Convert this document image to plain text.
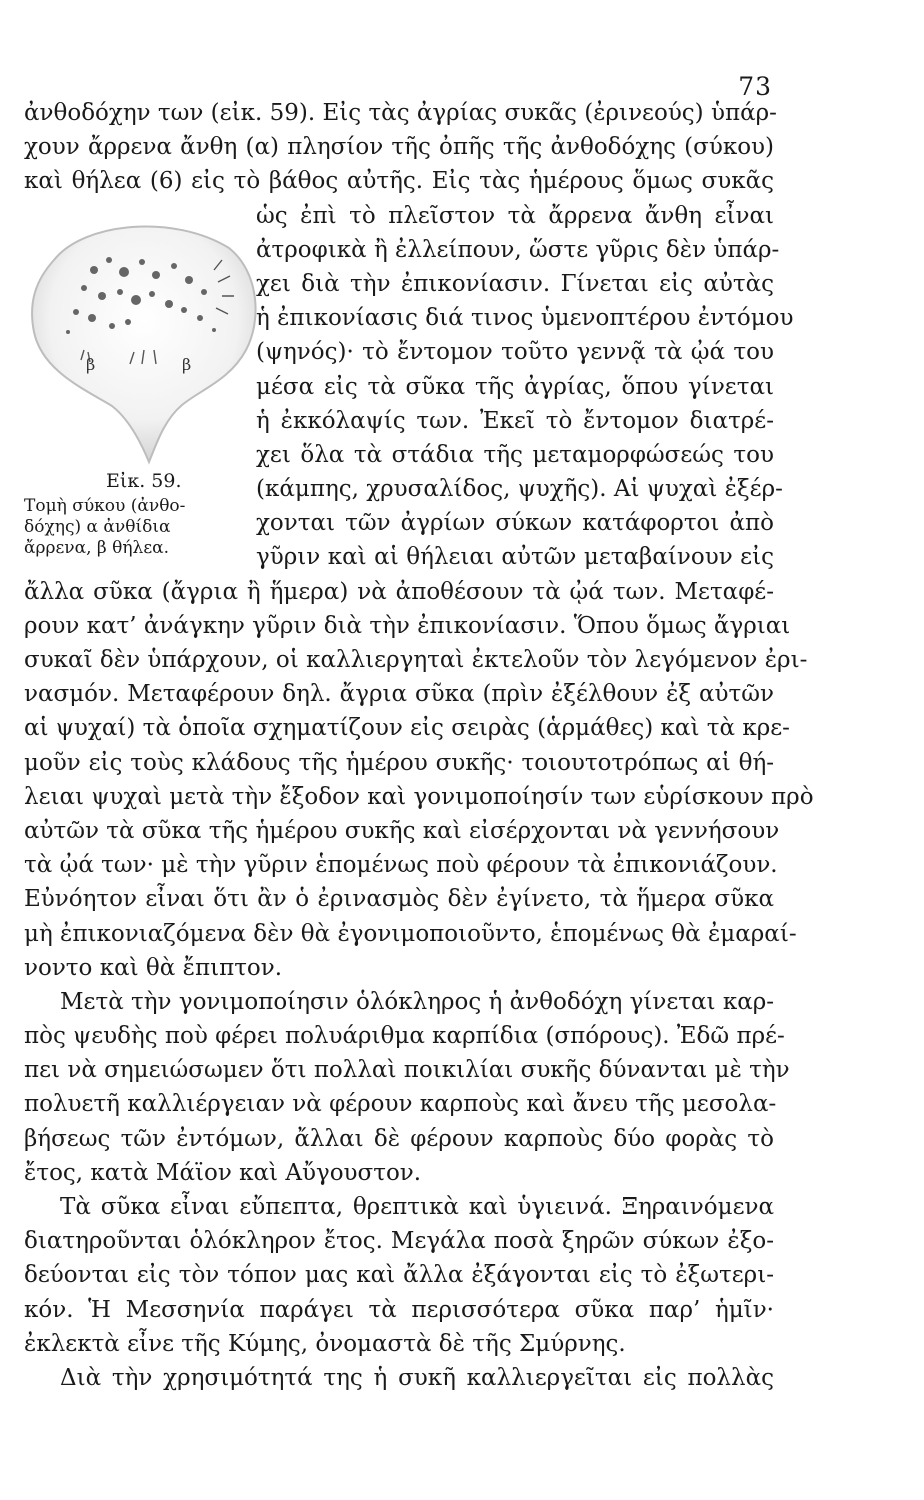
73
β	β
Εἰκ. 59.
Τομὴ σύκου (ἀνθο-
δόχης) α ἀνθίδια
ἄρρενα, β θήλεα.
ἀνθοδόχην των (εἰκ. 59). Εἰς τὰς ἀγρίας συκᾶς (ἐρινεούς) ὑπάρ-
χουν ἄρρενα ἄνθη (α) πλησίον τῆς ὀπῆς τῆς ἀνθοδόχης (σύκου)
καὶ θήλεα (6) εἰς τὸ βάθος αὐτῆς. Εἰς τὰς ἡμέρους ὅμως συκᾶς
ὡς ἐπὶ τὸ πλεῖστον τὰ ἄρρενα ἄνθη εἶναι
ἀτροφικὰ ἢ ἐλλείπουν, ὥστε γῦρις δὲν ὑπάρ-
χει διὰ τὴν ἐπικονίασιν. Γίνεται εἰς αὐτὰς
ἡ ἐπικονίασις διά τινος ὑμενοπτέρου ἐντόμου
(ψηνός)· τὸ ἔντομον τοῦτο γεννᾷ τὰ ᾠά του
μέσα εἰς τὰ σῦκα τῆς ἀγρίας, ὅπου γίνεται
ἡ ἐκκόλαψίς των. Ἐκεῖ τὸ ἔντομον διατρέ-
χει ὅλα τὰ στάδια τῆς μεταμορφώσεώς του
(κάμπης, χρυσαλίδος, ψυχῆς). Αἱ ψυχαὶ ἐξέρ-
χονται τῶν ἀγρίων σύκων κατάφορτοι ἀπὸ
γῦριν καὶ αἱ θήλειαι αὐτῶν μεταβαίνουν εἰς
ἄλλα σῦκα (ἄγρια ἢ ἥμερα) νὰ ἀποθέσουν τὰ ᾠά των. Μεταφέ-
ρουν κατ’ ἀνάγκην γῦριν διὰ τὴν ἐπικονίασιν. Ὅπου ὅμως ἄγριαι
συκαῖ δὲν ὑπάρχουν, οἱ καλλιεργηταὶ ἐκτελοῦν τὸν λεγόμενον ἐρι-
νασμόν. Μεταφέρουν δηλ. ἄγρια σῦκα (πρὶν ἐξέλθουν ἐξ αὐτῶν
αἱ ψυχαί) τὰ ὁποῖα σχηματίζουν εἰς σειρὰς (ἁρμάθες) καὶ τὰ κρε-
μοῦν εἰς τοὺς κλάδους τῆς ἡμέρου συκῆς· τοιουτοτρόπως αἱ θή-
λειαι ψυχαὶ μετὰ τὴν ἔξοδον καὶ γονιμοποίησίν των εὑρίσκουν πρὸ
αὐτῶν τὰ σῦκα τῆς ἡμέρου συκῆς καὶ εἰσέρχονται νὰ γεννήσουν
τὰ ᾠά των· μὲ τὴν γῦριν ἑπομένως ποὺ φέρουν τὰ ἐπικονιάζουν.
Εὐνόητον εἶναι ὅτι ἂν ὁ ἐρινασμὸς δὲν ἐγίνετο, τὰ ἥμερα σῦκα
μὴ ἐπικονιαζόμενα δὲν θὰ ἐγονιμοποιοῦντο, ἑπομένως θὰ ἐμαραί-
νοντο καὶ θὰ ἔπιπτον.
Μετὰ τὴν γονιμοποίησιν ὁλόκληρος ἡ ἀνθοδόχη γίνεται καρ-
πὸς ψευδὴς ποὺ φέρει πολυάριθμα καρπίδια (σπόρους). Ἐδῶ πρέ-
πει νὰ σημειώσωμεν ὅτι πολλαὶ ποικιλίαι συκῆς δύνανται μὲ τὴν
πολυετῆ καλλιέργειαν νὰ φέρουν καρποὺς καὶ ἄνευ τῆς μεσολα-
βήσεως τῶν ἐντόμων, ἄλλαι δὲ φέρουν καρποὺς δύο φορὰς τὸ
ἔτος, κατὰ Μάϊον καὶ Αὔγουστον.
Τὰ σῦκα εἶναι εὔπεπτα, θρεπτικὰ καὶ ὑγιεινά. Ξηραινόμενα
διατηροῦνται ὁλόκληρον ἔτος. Μεγάλα ποσὰ ξηρῶν σύκων ἐξο-
δεύονται εἰς τὸν τόπον μας καὶ ἄλλα ἐξάγονται εἰς τὸ ἐξωτερι-
κόν. Ἡ Μεσσηνία παράγει τὰ περισσότερα σῦκα παρ’ ἡμῖν·
ἐκλεκτὰ εἶνε τῆς Κύμης, ὀνομαστὰ δὲ τῆς Σμύρνης.
Διὰ τὴν χρησιμότητά της ἡ συκῆ καλλιεργεῖται εἰς πολλὰς
